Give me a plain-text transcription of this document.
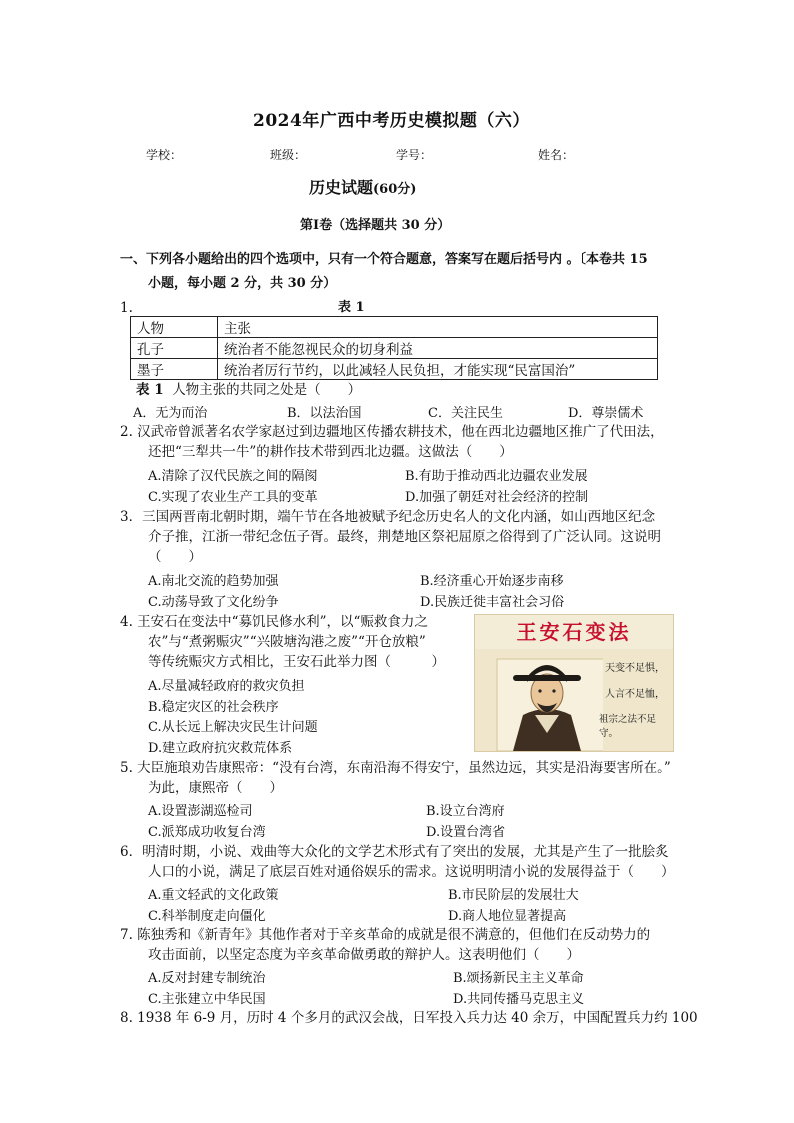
2024年广西中考历史模拟题（六）
学校：	班级：	学号：	姓名：
历史试题(60分)
第Ⅰ卷（选择题共 30 分）
一、下列各小题给出的四个选项中，只有一个符合题意，答案写在题后括号内 。〔本卷共 15
小题，每小题 2 分，共 30 分）
1.	表 1
人物	主张
孔子	统治者不能忽视民众的切身利益
墨子	统治者厉行节约，以此减轻人民负担，才能实现“民富国治”
表 1 人物主张的共同之处是（　　）
A．无为而治	B．以法治国	C．关注民生	D．尊崇儒术
2. 汉武帝曾派著名农学家赵过到边疆地区传播农耕技术，他在西北边疆地区推广了代田法，
还把“三犁共一牛”的耕作技术带到西北边疆。这做法（　　）
A.清除了汉代民族之间的隔阂	B.有助于推动西北边疆农业发展
C.实现了农业生产工具的变革	D.加强了朝廷对社会经济的控制
3．三国两晋南北朝时期，端午节在各地被赋予纪念历史名人的文化内涵，如山西地区纪念
介子推，江浙一带纪念伍子胥。最终，荆楚地区祭祀屈原之俗得到了广泛认同。这说明
（　　）
A.南北交流的趋势加强	B.经济重心开始逐步南移
C.动荡导致了文化纷争	D.民族迁徙丰富社会习俗
4. 王安石在变法中“募饥民修水利”，以“赈救食力之
农”与“煮粥赈灾”“兴陂塘沟港之废”“开仓放粮”
等传统赈灾方式相比，王安石此举力图（　　　）
A.尽量减轻政府的救灾负担
B.稳定灾区的社会秩序
C.从长远上解决灾民生计问题
D.建立政府抗灾救荒体系
王安石变法
天变不足惧，
人言不足恤，
祖宗之法不足守。
5. 大臣施琅劝告康熙帝：“没有台湾，东南沿海不得安宁，虽然边远，其实是沿海要害所在。”
为此，康熙帝（　　）
A.设置澎湖巡检司	B.设立台湾府
C.派郑成功收复台湾	D.设置台湾省
6．明清时期，小说、戏曲等大众化的文学艺术形式有了突出的发展，尤其是产生了一批脍炙
人口的小说，满足了底层百姓对通俗娱乐的需求。这说明明清小说的发展得益于（　　）
A.重文轻武的文化政策	B.市民阶层的发展壮大
C.科举制度走向僵化	D.商人地位显著提高
7. 陈独秀和《新青年》其他作者对于辛亥革命的成就是很不满意的，但他们在反动势力的
攻击面前，以坚定态度为辛亥革命做勇敢的辩护人。这表明他们（　　）
A.反对封建专制统治	B.颂扬新民主主义革命
C.主张建立中华民国	D.共同传播马克思主义
8. 1938 年 6-9 月，历时 4 个多月的武汉会战，日军投入兵力达 40 余万，中国配置兵力约 100
